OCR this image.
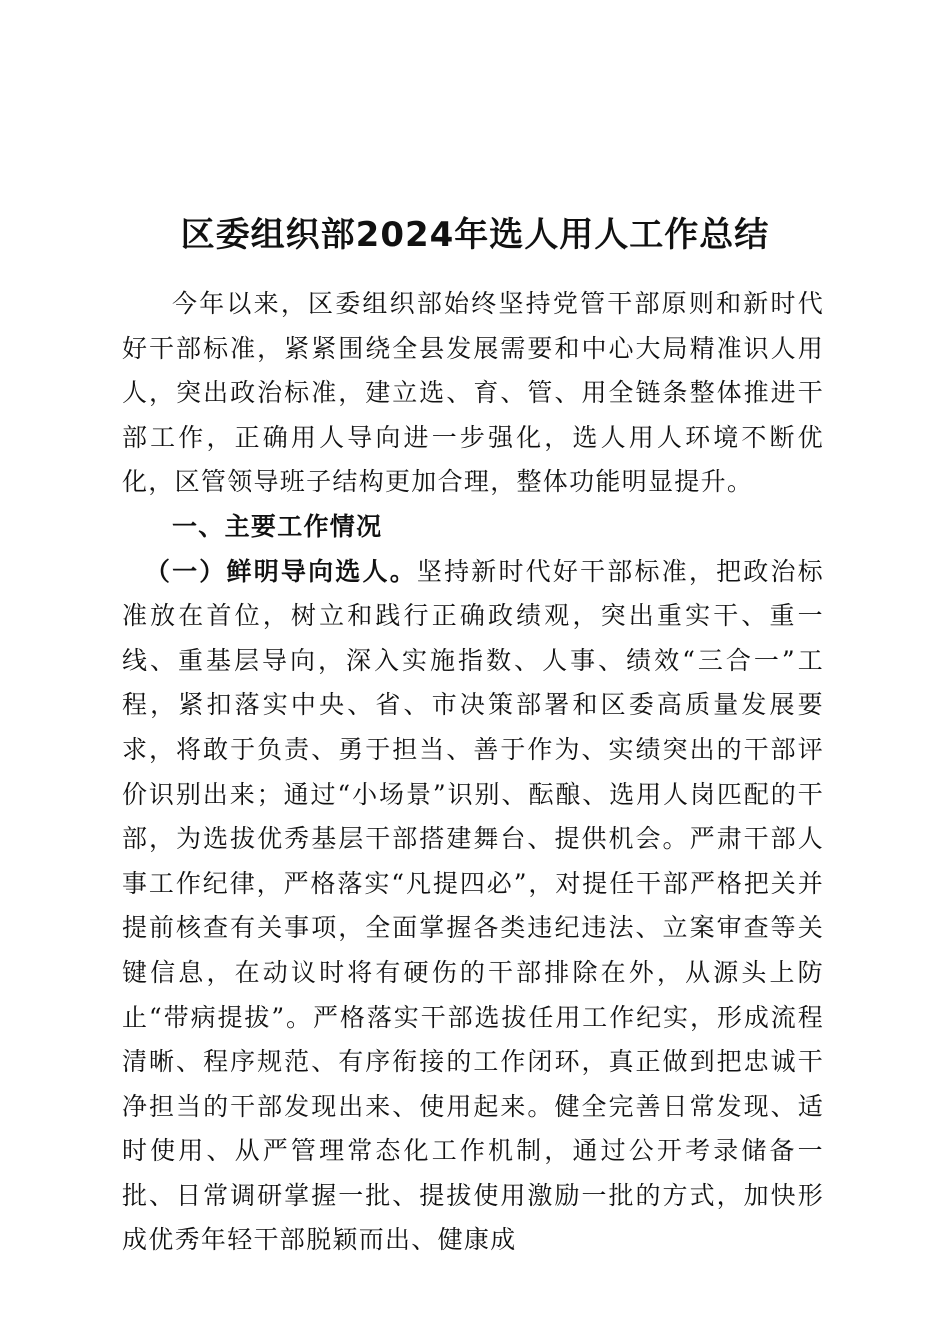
区委组织部2024年选人用人工作总结

今年以来，区委组织部始终坚持党管干部原则和新时代好干部标准，紧紧围绕全县发展需要和中心大局精准识人用人，突出政治标准，建立选、育、管、用全链条整体推进干部工作，正确用人导向进一步强化，选人用人环境不断优化，区管领导班子结构更加合理，整体功能明显提升。

一、主要工作情况

（一）鲜明导向选人。坚持新时代好干部标准，把政治标准放在首位，树立和践行正确政绩观，突出重实干、重一线、重基层导向，深入实施指数、人事、绩效“三合一”工程，紧扣落实中央、省、市决策部署和区委高质量发展要求，将敢于负责、勇于担当、善于作为、实绩突出的干部评价识别出来；通过“小场景”识别、酝酿、选用人岗匹配的干部，为选拔优秀基层干部搭建舞台、提供机会。严肃干部人事工作纪律，严格落实“凡提四必”，对提任干部严格把关并提前核查有关事项，全面掌握各类违纪违法、立案审查等关键信息，在动议时将有硬伤的干部排除在外，从源头上防止“带病提拔”。严格落实干部选拔任用工作纪实，形成流程清晰、程序规范、有序衔接的工作闭环，真正做到把忠诚干净担当的干部发现出来、使用起来。健全完善日常发现、适时使用、从严管理常态化工作机制，通过公开考录储备一批、日常调研掌握一批、提拔使用激励一批的方式，加快形成优秀年轻干部脱颖而出、健康成
